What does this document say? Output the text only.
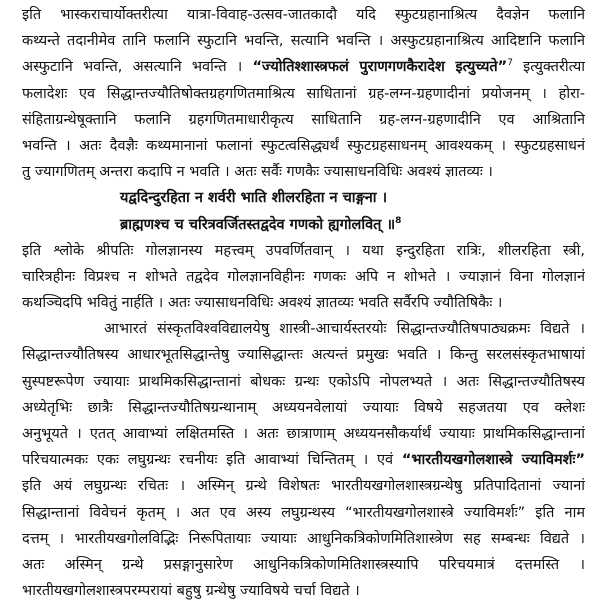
इति भास्कराचार्योक्तरीत्या यात्रा-विवाह-उत्सव-जातकादौ यदि स्फुटग्रहानाश्रित्य दैवज्ञेन फलानि
कथ्यन्ते तदानीमेव तानि फलानि स्फुटानि भवन्ति, सत्यानि भवन्ति । अस्फुटग्रहानाश्रित्य आदिष्टानि फलानि
अस्फुटानि भवन्ति, असत्यानि भवन्ति । “ज्योतिश्शास्त्रफलं पुराणगणकैरादेश इत्युच्यते”$^7$ इत्युक्तरीत्या
फलादेशः एव सिद्धान्तज्यौतिषोक्तग्रहगणितमाश्रित्य साधितानां ग्रह-लग्न-ग्रहणादीनां प्रयोजनम् । होरा-
संहिताग्रन्थेषूक्तानि फलानि ग्रहगणितमाधारीकृत्य साधितानि ग्रह-लग्न-ग्रहणादीनि एव आश्रितानि
भवन्ति । अतः दैवज्ञैः कथ्यमानानां फलानां स्फुटत्वसिद्ध्यर्थं स्फुटग्रहसाधनम् आवश्यकम् । स्फुटग्रहसाधनं
तु ज्यागणितम् अन्तरा कदापि न भवति । अतः सर्वैः गणकैः ज्यासाधनविधिः अवश्यं ज्ञातव्यः ।
यद्वदिन्दुरहिता न शर्वरी भाति शीलरहिता न चाङ्गना ।
ब्राह्मणश्च च चरित्रवर्जितस्तद्वदेव गणको ह्यगोलवित् ॥$^8$
इति श्लोके श्रीपतिः गोलज्ञानस्य महत्त्वम् उपवर्णितवान् । यथा इन्दुरहिता रात्रिः, शीलरहिता स्त्री,
चारित्रहीनः विप्रश्च न शोभते तद्वदेव गोलज्ञानविहीनः गणकः अपि न शोभते । ज्याज्ञानं विना गोलज्ञानं
कथञ्चिदपि भवितुं नार्हति । अतः ज्यासाधनविधिः अवश्यं ज्ञातव्यः भवति सर्वैरपि ज्यौतिषिकैः ।
आभारतं संस्कृतविश्वविद्यालयेषु शास्त्री-आचार्यस्तरयोः सिद्धान्तज्यौतिषपाठ्यक्रमः विद्यते ।
सिद्धान्तज्यौतिषस्य आधारभूतसिद्धान्तेषु ज्यासिद्धान्तः अत्यन्तं प्रमुखः भवति । किन्तु सरलसंस्कृतभाषायां
सुस्पष्टरूपेण ज्यायाः प्राथमिकसिद्धान्तानां बोधकः ग्रन्थः एकोऽपि नोपलभ्यते । अतः सिद्धान्तज्यौतिषस्य
अध्येतृभिः छात्रैः सिद्धान्तज्यौतिषग्रन्थानाम् अध्ययनवेलायां ज्यायाः विषये सहजतया एव क्लेशः
अनुभूयते । एतत् आवाभ्यां लक्षितमस्ति । अतः छात्राणाम् अध्ययनसौकर्यार्थं ज्यायाः प्राथमिकसिद्धान्तानां
परिचयात्मकः एकः लघुग्रन्थः रचनीयः इति आवाभ्यां चिन्तितम् । एवं “भारतीयखगोलशास्त्रे ज्याविमर्शः”
इति अयं लघुग्रन्थः रचितः । अस्मिन् ग्रन्थे विशेषतः भारतीयखगोलशास्त्रग्रन्थेषु प्रतिपादितानां ज्यानां
सिद्धान्तानां विवेचनं कृतम् । अत एव अस्य लघुग्रन्थस्य “भारतीयखगोलशास्त्रे ज्याविमर्शः” इति नाम
दत्तम् । भारतीयखगोलविद्भिः निरूपितायाः ज्यायाः आधुनिकत्रिकोणमितिशास्त्रेण सह सम्बन्धः विद्यते ।
अतः अस्मिन् ग्रन्थे प्रसङ्गानुसारेण आधुनिकत्रिकोणमितिशास्त्रस्यापि परिचयमात्रं दत्तमस्ति ।
भारतीयखगोलशास्त्रपरम्परायां बहुषु ग्रन्थेषु ज्याविषये चर्चा विद्यते ।
